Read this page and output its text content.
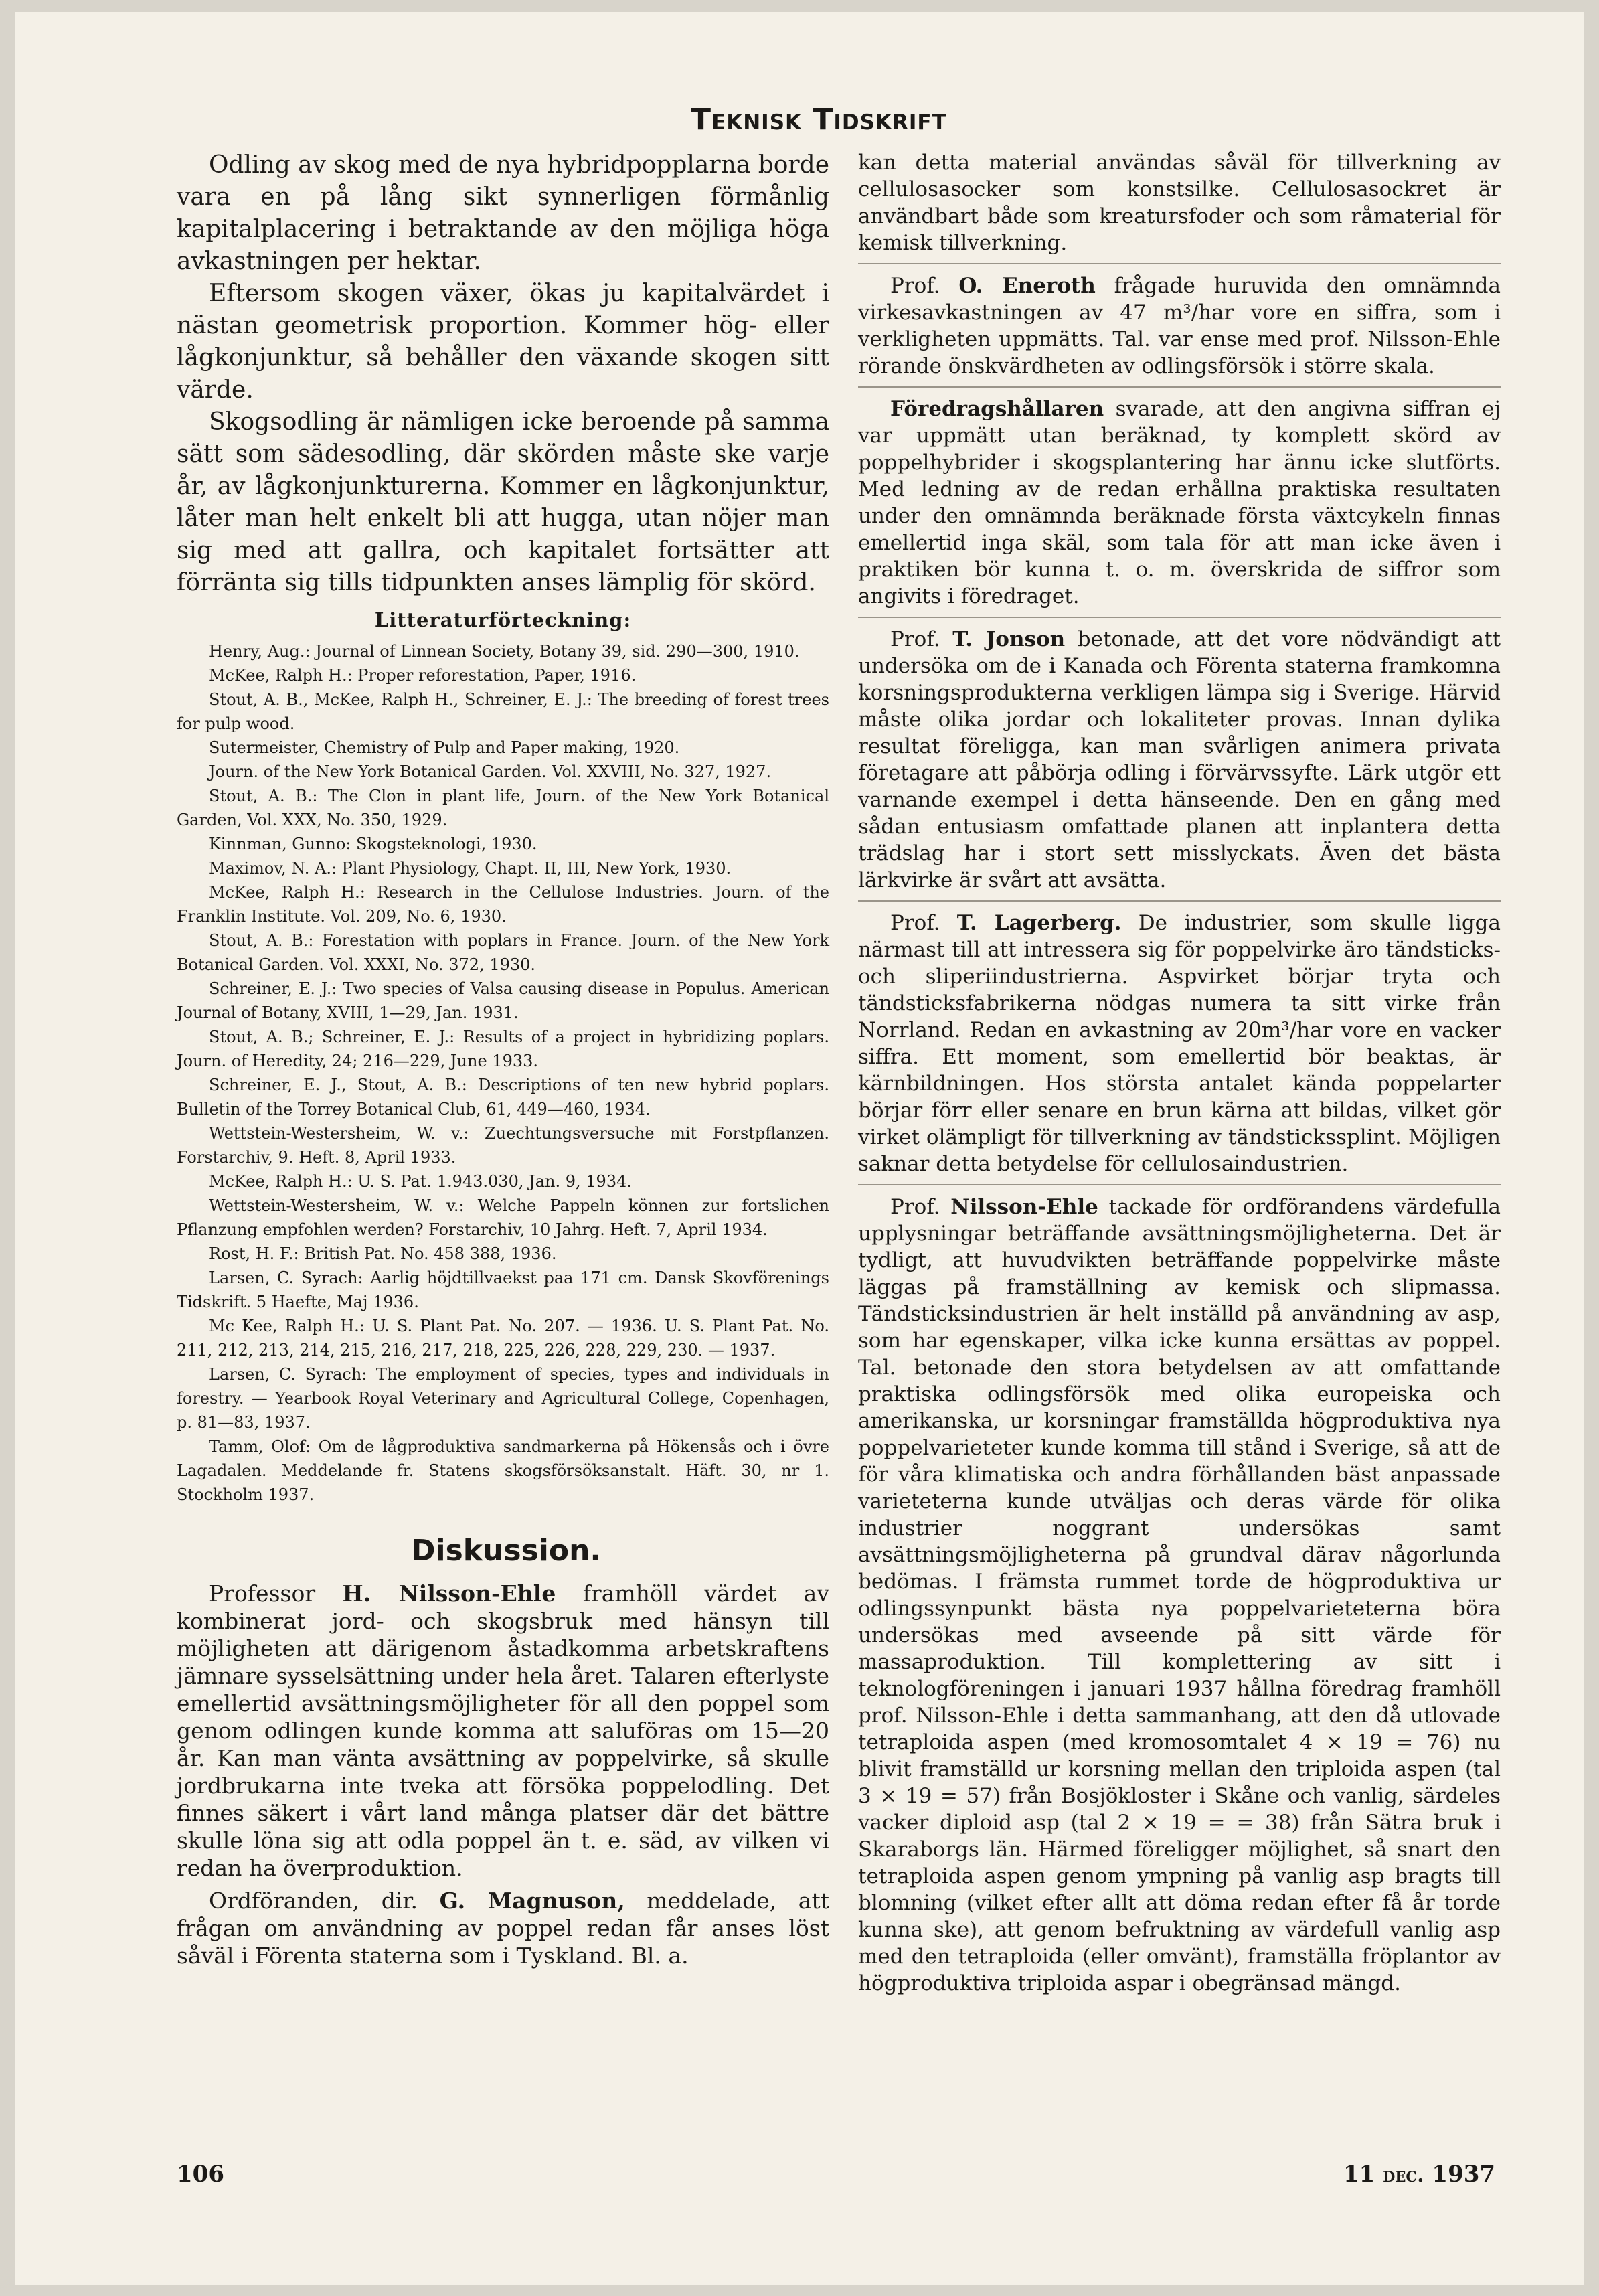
Teknisk Tidskrift

Odling av skog med de nya hybridpopplarna borde vara en på lång sikt synnerligen förmånlig kapitalplacering i betraktande av den möjliga höga avkastningen per hektar.

Eftersom skogen växer, ökas ju kapitalvärdet i nästan geometrisk proportion. Kommer hög- eller lågkonjunktur, så behåller den växande skogen sitt värde.

Skogsodling är nämligen icke beroende på samma sätt som sädesodling, där skörden måste ske varje år, av lågkonjunkturerna. Kommer en lågkonjunktur, låter man helt enkelt bli att hugga, utan nöjer man sig med att gallra, och kapitalet fortsätter att förränta sig tills tidpunkten anses lämplig för skörd.

Litteraturförteckning:

Henry, Aug.: Journal of Linnean Society, Botany 39, sid. 290—300, 1910.

McKee, Ralph H.: Proper reforestation, Paper, 1916.

Stout, A. B., McKee, Ralph H., Schreiner, E. J.: The breeding of forest trees for pulp wood.

Sutermeister, Chemistry of Pulp and Paper making, 1920.

Journ. of the New York Botanical Garden. Vol. XXVIII, No. 327, 1927.

Stout, A. B.: The Clon in plant life, Journ. of the New York Botanical Garden, Vol. XXX, No. 350, 1929.

Kinnman, Gunno: Skogsteknologi, 1930.

Maximov, N. A.: Plant Physiology, Chapt. II, III, New York, 1930.

McKee, Ralph H.: Research in the Cellulose Industries. Journ. of the Franklin Institute. Vol. 209, No. 6, 1930.

Stout, A. B.: Forestation with poplars in France. Journ. of the New York Botanical Garden. Vol. XXXI, No. 372, 1930.

Schreiner, E. J.: Two species of Valsa causing disease in Populus. American Journal of Botany, XVIII, 1—29, Jan. 1931.

Stout, A. B.; Schreiner, E. J.: Results of a project in hybridizing poplars. Journ. of Heredity, 24; 216—229, June 1933.

Schreiner, E. J., Stout, A. B.: Descriptions of ten new hybrid poplars. Bulletin of the Torrey Botanical Club, 61, 449—460, 1934.

Wettstein-Westersheim, W. v.: Zuechtungsversuche mit Forstpflanzen. Forstarchiv, 9. Heft. 8, April 1933.

McKee, Ralph H.: U. S. Pat. 1.943.030, Jan. 9, 1934.

Wettstein-Westersheim, W. v.: Welche Pappeln können zur fortslichen Pflanzung empfohlen werden? Forstarchiv, 10 Jahrg. Heft. 7, April 1934.

Rost, H. F.: British Pat. No. 458 388, 1936.

Larsen, C. Syrach: Aarlig höjdtillvaekst paa 171 cm. Dansk Skovförenings Tidskrift. 5 Haefte, Maj 1936.

Mc Kee, Ralph H.: U. S. Plant Pat. No. 207. — 1936. U. S. Plant Pat. No. 211, 212, 213, 214, 215, 216, 217, 218, 225, 226, 228, 229, 230. — 1937.

Larsen, C. Syrach: The employment of species, types and individuals in forestry. — Yearbook Royal Veterinary and Agricultural College, Copenhagen, p. 81—83, 1937.

Tamm, Olof: Om de lågproduktiva sandmarkerna på Hökensås och i övre Lagadalen. Meddelande fr. Statens skogsförsöksanstalt. Häft. 30, nr 1. Stockholm 1937.

Diskussion.

Professor H. Nilsson-Ehle framhöll värdet av kombinerat jord- och skogsbruk med hänsyn till möjligheten att därigenom åstadkomma arbetskraftens jämnare sysselsättning under hela året. Talaren efterlyste emellertid avsättningsmöjligheter för all den poppel som genom odlingen kunde komma att saluföras om 15—20 år. Kan man vänta avsättning av poppelvirke, så skulle jordbrukarna inte tveka att försöka poppelodling. Det finnes säkert i vårt land många platser där det bättre skulle löna sig att odla poppel än t. e. säd, av vilken vi redan ha överproduktion.

Ordföranden, dir. G. Magnuson, meddelade, att frågan om användning av poppel redan får anses löst såväl i Förenta staterna som i Tyskland. Bl. a.

kan detta material användas såväl för tillverkning av cellulosasocker som konstsilke. Cellulosasockret är användbart både som kreatursfoder och som råmaterial för kemisk tillverkning.

Prof. O. Eneroth frågade huruvida den omnämnda virkesavkastningen av 47 m³/har vore en siffra, som i verkligheten uppmätts. Tal. var ense med prof. Nilsson-Ehle rörande önskvärdheten av odlingsförsök i större skala.

Föredragshållaren svarade, att den angivna siffran ej var uppmätt utan beräknad, ty komplett skörd av poppelhybrider i skogsplantering har ännu icke slutförts. Med ledning av de redan erhållna praktiska resultaten under den omnämnda beräknade första växtcykeln finnas emellertid inga skäl, som tala för att man icke även i praktiken bör kunna t. o. m. överskrida de siffror som angivits i föredraget.

Prof. T. Jonson betonade, att det vore nödvändigt att undersöka om de i Kanada och Förenta staterna framkomna korsningsprodukterna verkligen lämpa sig i Sverige. Härvid måste olika jordar och lokaliteter provas. Innan dylika resultat föreligga, kan man svårligen animera privata företagare att påbörja odling i förvärvssyfte. Lärk utgör ett varnande exempel i detta hänseende. Den en gång med sådan entusiasm omfattade planen att inplantera detta trädslag har i stort sett misslyckats. Även det bästa lärkvirke är svårt att avsätta.

Prof. T. Lagerberg. De industrier, som skulle ligga närmast till att intressera sig för poppelvirke äro tändsticks- och sliperiindustrierna. Aspvirket börjar tryta och tändsticksfabrikerna nödgas numera ta sitt virke från Norrland. Redan en avkastning av 20m³/har vore en vacker siffra. Ett moment, som emellertid bör beaktas, är kärnbildningen. Hos största antalet kända poppelarter börjar förr eller senare en brun kärna att bildas, vilket gör virket olämpligt för tillverkning av tändstickssplint. Möjligen saknar detta betydelse för cellulosaindustrien.

Prof. Nilsson-Ehle tackade för ordförandens värdefulla upplysningar beträffande avsättningsmöjligheterna. Det är tydligt, att huvudvikten beträffande poppelvirke måste läggas på framställning av kemisk och slipmassa. Tändsticksindustrien är helt inställd på användning av asp, som har egenskaper, vilka icke kunna ersättas av poppel. Tal. betonade den stora betydelsen av att omfattande praktiska odlingsförsök med olika europeiska och amerikanska, ur korsningar framställda högproduktiva nya poppelvarieteter kunde komma till stånd i Sverige, så att de för våra klimatiska och andra förhållanden bäst anpassade varieteterna kunde utväljas och deras värde för olika industrier noggrant undersökas samt avsättningsmöjligheterna på grundval därav någorlunda bedömas. I främsta rummet torde de högproduktiva ur odlingssynpunkt bästa nya poppelvarieteterna böra undersökas med avseende på sitt värde för massaproduktion. Till komplettering av sitt i teknologföreningen i januari 1937 hållna föredrag framhöll prof. Nilsson-Ehle i detta sammanhang, att den då utlovade tetraploida aspen (med kromosomtalet 4 × 19 = 76) nu blivit framställd ur korsning mellan den triploida aspen (tal 3 × 19 = 57) från Bosjökloster i Skåne och vanlig, särdeles vacker diploid asp (tal 2 × 19 = = 38) från Sätra bruk i Skaraborgs län. Härmed föreligger möjlighet, så snart den tetraploida aspen genom ympning på vanlig asp bragts till blomning (vilket efter allt att döma redan efter få år torde kunna ske), att genom befruktning av värdefull vanlig asp med den tetraploida (eller omvänt), framställa fröplantor av högproduktiva triploida aspar i obegränsad mängd.

106	11 dec. 1937
